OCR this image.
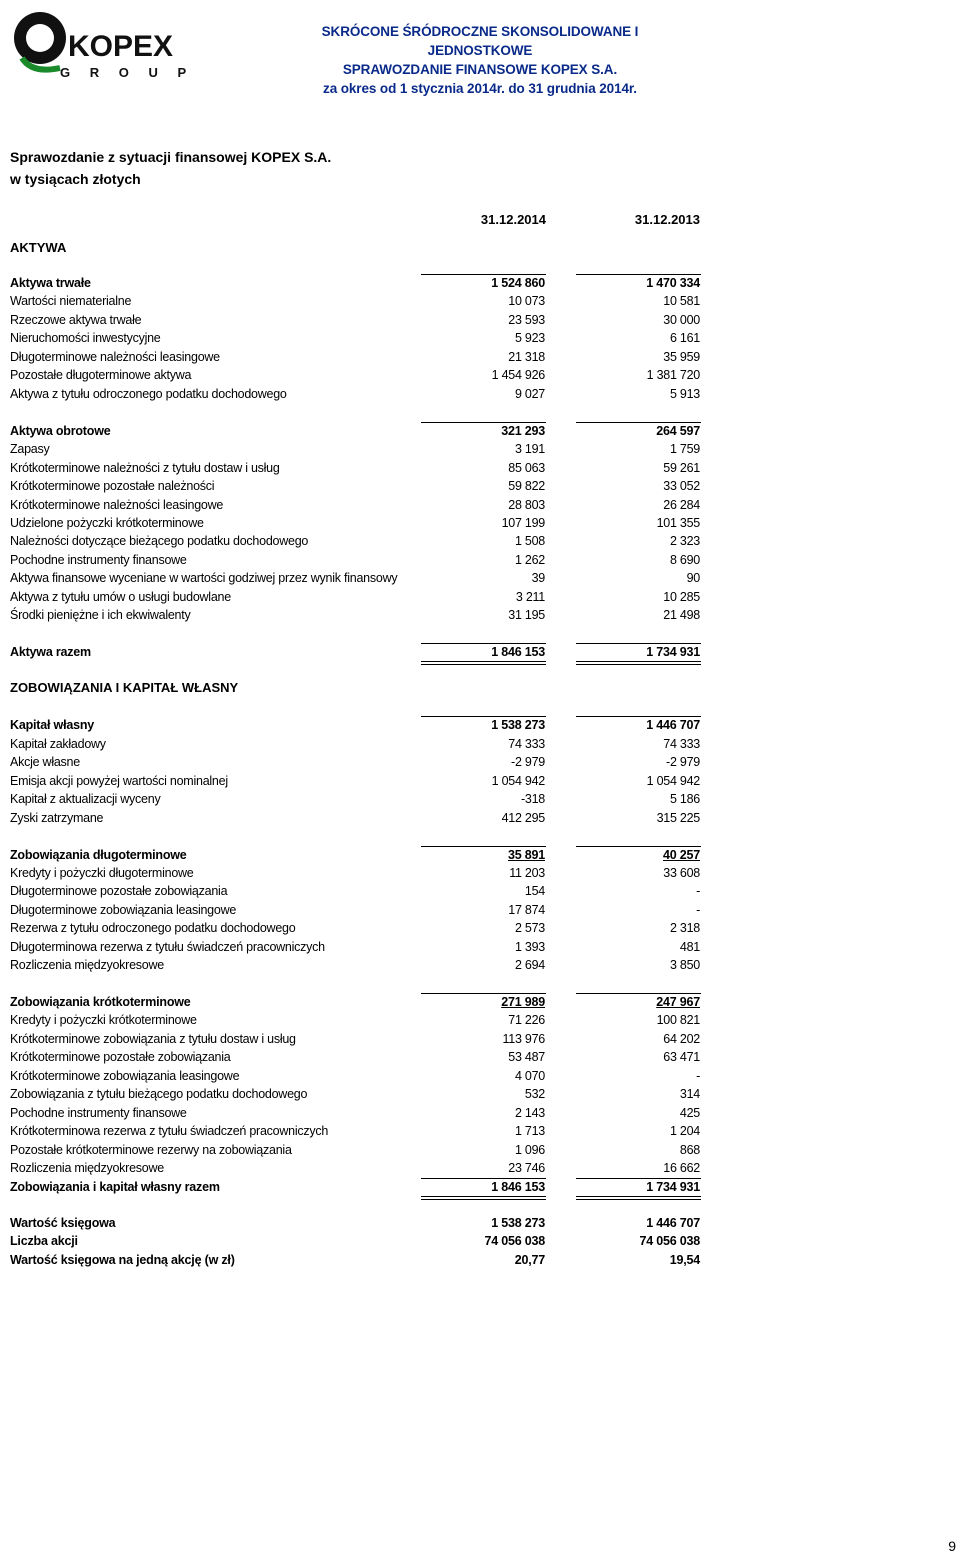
KOPEX
G R O U P
SKRÓCONE ŚRÓDROCZNE SKONSOLIDOWANE I JEDNOSTKOWE
SPRAWOZDANIE FINANSOWE KOPEX S.A.
za okres od 1 stycznia 2014r. do 31 grudnia 2014r.
Sprawozdanie z sytuacji finansowej KOPEX S.A.
w tysiącach złotych
31.12.2014	31.12.2013
AKTYWA
Aktywa trwałe	1 524 860	1 470 334
Wartości niematerialne	10 073	10 581
Rzeczowe aktywa trwałe	23 593	30 000
Nieruchomości inwestycyjne	5 923	6 161
Długoterminowe należności leasingowe	21 318	35 959
Pozostałe długoterminowe aktywa	1 454 926	1 381 720
Aktywa z tytułu odroczonego podatku dochodowego	9 027	5 913
Aktywa obrotowe	321 293	264 597
Zapasy	3 191	1 759
Krótkoterminowe należności z tytułu dostaw i usług	85 063	59 261
Krótkoterminowe pozostałe należności	59 822	33 052
Krótkoterminowe należności leasingowe	28 803	26 284
Udzielone pożyczki krótkoterminowe	107 199	101 355
Należności dotyczące bieżącego podatku dochodowego	1 508	2 323
Pochodne instrumenty finansowe	1 262	8 690
Aktywa finansowe wyceniane w wartości godziwej przez wynik finansowy	39	90
Aktywa z tytułu umów o usługi budowlane	3 211	10 285
Środki pieniężne i ich ekwiwalenty	31 195	21 498
Aktywa razem	1 846 153	1 734 931
Kapitał własny	1 538 273	1 446 707
Kapitał zakładowy	74 333	74 333
Akcje własne	-2 979	-2 979
Emisja akcji powyżej wartości nominalnej	1 054 942	1 054 942
Kapitał z aktualizacji wyceny	-318	5 186
Zyski zatrzymane	412 295	315 225
Zobowiązania długoterminowe	35 891	40 257
Kredyty i pożyczki długoterminowe	11 203	33 608
Długoterminowe pozostałe zobowiązania	154	-
Długoterminowe zobowiązania leasingowe	17 874	-
Rezerwa z tytułu odroczonego podatku dochodowego	2 573	2 318
Długoterminowa rezerwa z tytułu świadczeń pracowniczych	1 393	481
Rozliczenia międzyokresowe	2 694	3 850
Zobowiązania krótkoterminowe	271 989	247 967
Kredyty i pożyczki krótkoterminowe	71 226	100 821
Krótkoterminowe zobowiązania z tytułu dostaw i usług	113 976	64 202
Krótkoterminowe pozostałe zobowiązania	53 487	63 471
Krótkoterminowe zobowiązania leasingowe	4 070	-
Zobowiązania z tytułu bieżącego podatku dochodowego	532	314
Pochodne instrumenty finansowe	2 143	425
Krótkoterminowa rezerwa z tytułu świadczeń pracowniczych	1 713	1 204
Pozostałe krótkoterminowe rezerwy na zobowiązania	1 096	868
Rozliczenia międzyokresowe	23 746	16 662
Zobowiązania i kapitał własny razem	1 846 153	1 734 931
Wartość księgowa	1 538 273	1 446 707
Liczba akcji	74 056 038	74 056 038
Wartość księgowa na jedną akcję (w zł)	20,77	19,54
ZOBOWIĄZANIA I KAPITAŁ WŁASNY
9
